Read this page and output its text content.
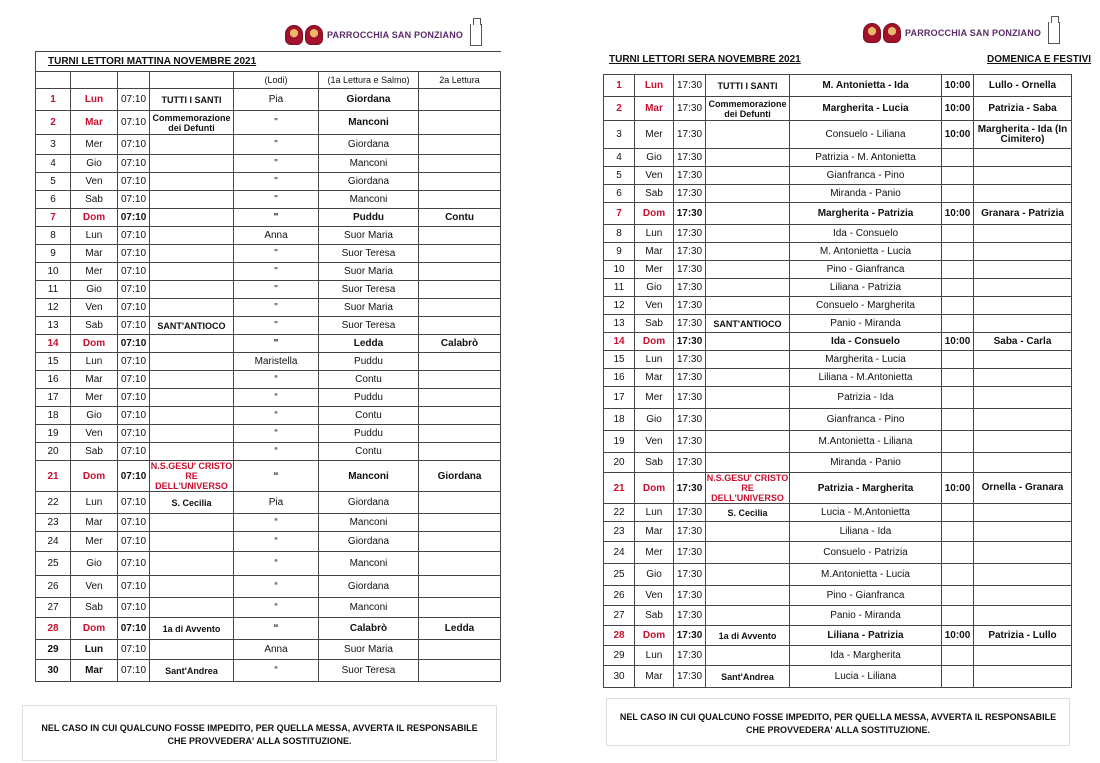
PARROCCHIA SAN PONZIANO	PARROCCHIA SAN PONZIANO
TURNI LETTORI MATTINA NOVEMBRE 2021						
				(Lodi)	(1a Lettura e Salmo)	2a Lettura
1	Lun	07:10	TUTTI I SANTI	Pia	Giordana	
2	Mar	07:10	Commemorazione dei Defunti	"	Manconi	
3	Mer	07:10		"	Giordana	
4	Gio	07:10		"	Manconi	
5	Ven	07:10		"	Giordana	
6	Sab	07:10		"	Manconi	
7	Dom	07:10		"	Puddu	Contu
8	Lun	07:10		Anna	Suor Maria	
9	Mar	07:10		"	Suor Teresa	
10	Mer	07:10		"	Suor Maria	
11	Gio	07:10		"	Suor Teresa	
12	Ven	07:10		"	Suor Maria	
13	Sab	07:10	SANT'ANTIOCO	"	Suor Teresa	
14	Dom	07:10		"	Ledda	Calabrò
15	Lun	07:10		Maristella	Puddu	
16	Mar	07:10		“	Contu	
17	Mer	07:10		“	Puddu	
18	Gio	07:10		“	Contu	
19	Ven	07:10		“	Puddu	
20	Sab	07:10		“	Contu	
21	Dom	07:10	N.S.GESU' CRISTO RE DELL'UNIVERSO	“	Manconi	Giordana
22	Lun	07:10	S. Cecilia	Pia	Giordana	
23	Mar	07:10		“	Manconi	
24	Mer	07:10		“	Giordana	
25	Gio	07:10		“	Manconi	
26	Ven	07:10		“	Giordana	
27	Sab	07:10		“	Manconi	
28	Dom	07:10	1a di Avvento	“	Calabrò	Ledda
29	Lun	07:10		Anna	Suor Maria	
30	Mar	07:10	Sant'Andrea	“	Suor Teresa	
TURNI LETTORI SERA NOVEMBRE 2021	DOMENICA E FESTIVI
1	Lun	17:30	TUTTI I SANTI	M. Antonietta - Ida	10:00	Lullo - Ornella
2	Mar	17:30	Commemorazione dei Defunti	Margherita - Lucia	10:00	Patrizia - Saba
3	Mer	17:30		Consuelo - Liliana	10:00	Margherita - Ida (In Cimitero)
4	Gio	17:30		Patrizia - M. Antonietta		
5	Ven	17:30		Gianfranca - Pino		
6	Sab	17:30		Miranda - Panio		
7	Dom	17:30		Margherita - Patrizia	10:00	Granara - Patrizia
8	Lun	17:30		Ida - Consuelo		
9	Mar	17:30		M. Antonietta - Lucia		
10	Mer	17:30		Pino - Gianfranca		
11	Gio	17:30		Liliana - Patrizia		
12	Ven	17:30		Consuelo - Margherita		
13	Sab	17:30	SANT'ANTIOCO	Panio - Miranda		
14	Dom	17:30		Ida - Consuelo	10:00	Saba - Carla
15	Lun	17:30		Margherita - Lucia		
16	Mar	17:30		Liliana - M.Antonietta		
17	Mer	17:30		Patrizia - Ida		
18	Gio	17:30		Gianfranca - Pino		
19	Ven	17:30		M.Antonietta - Liliana		
20	Sab	17:30		Miranda - Panio		
21	Dom	17:30	N.S.GESU' CRISTO RE DELL'UNIVERSO	Patrizia - Margherita	10:00	Ornella - Granara
22	Lun	17:30	S. Cecilia	Lucia - M.Antonietta		
23	Mar	17:30		Liliana - Ida		
24	Mer	17:30		Consuelo - Patrizia		
25	Gio	17:30		M.Antonietta - Lucia		
26	Ven	17:30		Pino - Gianfranca		
27	Sab	17:30		Panio - Miranda		
28	Dom	17:30	1a di Avvento	Liliana - Patrizia	10:00	Patrizia - Lullo
29	Lun	17:30		Ida - Margherita		
30	Mar	17:30	Sant'Andrea	Lucia - Liliana		
NEL CASO IN CUI QUALCUNO FOSSE IMPEDITO, PER QUELLA MESSA, AVVERTA IL RESPONSABILE
CHE PROVVEDERA' ALLA SOSTITUZIONE.
NEL CASO IN CUI QUALCUNO FOSSE IMPEDITO, PER QUELLA MESSA, AVVERTA IL RESPONSABILE
CHE PROVVEDERA' ALLA SOSTITUZIONE.
